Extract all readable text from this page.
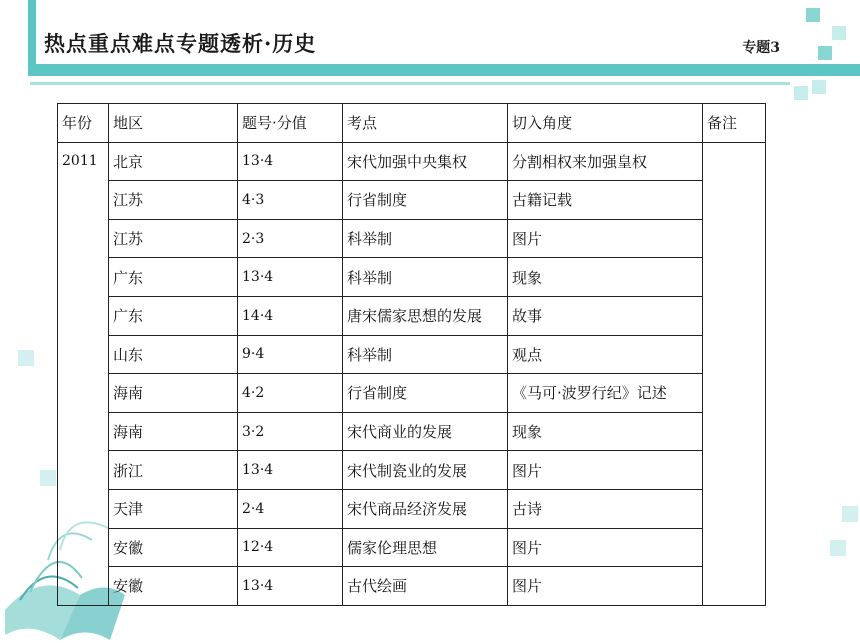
热点重点难点专题透析·历史	专题3
年份	地区	题号·分值	考点	切入角度	备注
2011	北京	13·4	宋代加强中央集权	分割相权来加强皇权	
	江苏	4·3	行省制度	古籍记载	
	江苏	2·3	科举制	图片	
	广东	13·4	科举制	现象	
	广东	14·4	唐宋儒家思想的发展	故事	
	山东	9·4	科举制	观点	
	海南	4·2	行省制度	《马可·波罗行纪》记述	
	海南	3·2	宋代商业的发展	现象	
	浙江	13·4	宋代制瓷业的发展	图片	
	天津	2·4	宋代商品经济发展	古诗	
	安徽	12·4	儒家伦理思想	图片	
	安徽	13·4	古代绘画	图片	
